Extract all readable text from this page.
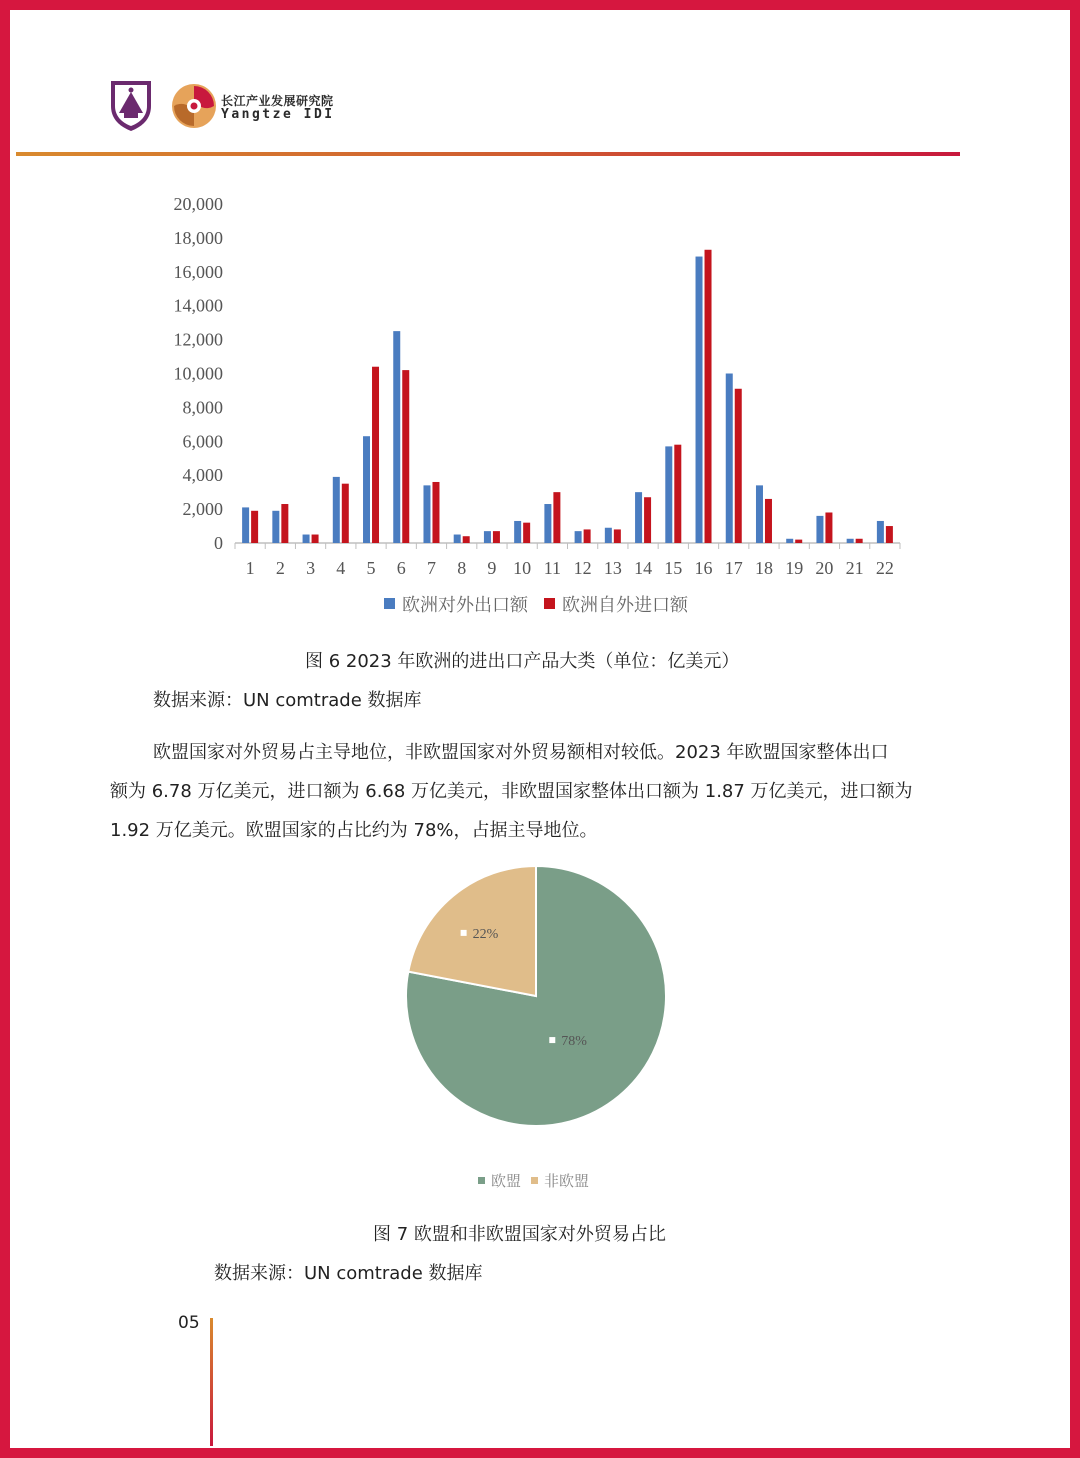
长江产业发展研究院
Yangtze IDI
0
2,000
4,000
6,000
8,000
10,000
12,000
14,000
16,000
18,000
20,000
1 2 3 4 5 6 7 8 9 10 11 12 13 14 15 16 17 18 19 20 21 22
欧洲对外出口额 欧洲自外进口额
图 6 2023 年欧洲的进出口产品大类（单位：亿美元）
数据来源：UN comtrade 数据库

欧盟国家对外贸易占主导地位，非欧盟国家对外贸易额相对较低。2023 年欧盟国家整体出口

额为 6.78 万亿美元，进口额为 6.68 万亿美元，非欧盟国家整体出口额为 1.87 万亿美元，进口额为

1.92 万亿美元。欧盟国家的占比约为 78%，占据主导地位。

78%
22%
欧盟 非欧盟
图 7 欧盟和非欧盟国家对外贸易占比
数据来源：UN comtrade 数据库
05
